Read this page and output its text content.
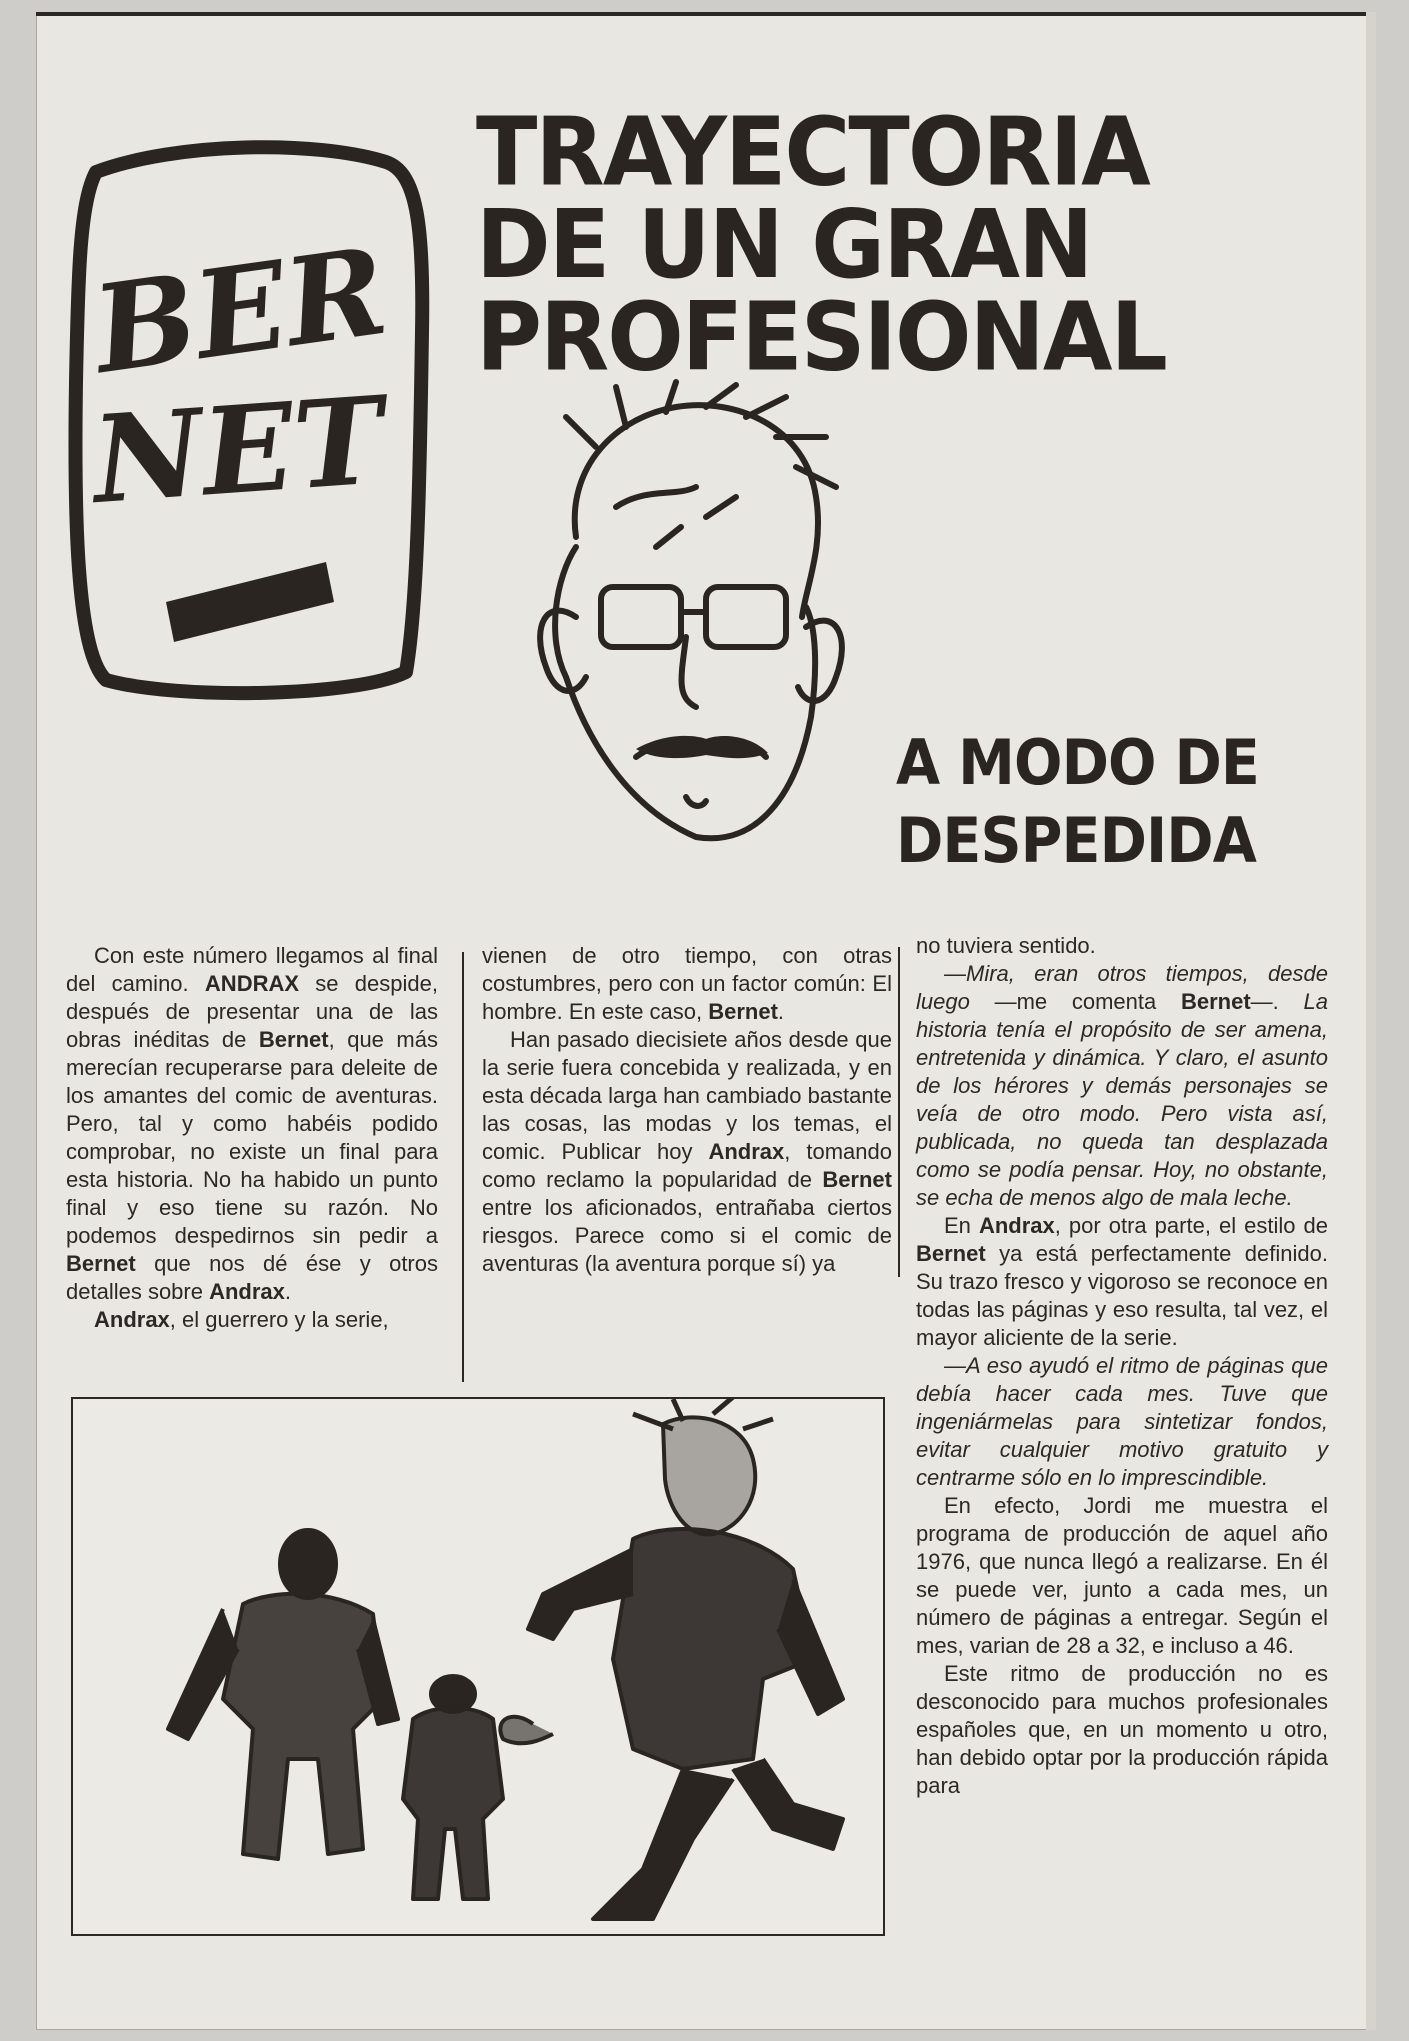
BER
NET
TRAYECTORIA
DE UN GRAN
PROFESIONAL
A MODO DE
DESPEDIDA

Con este número llegamos al final del camino. ANDRAX se despide, después de presentar una de las obras inéditas de Bernet, que más merecían recuperarse para deleite de los amantes del comic de aventuras. Pero, tal y como habéis podido comprobar, no existe un final para esta historia. No ha habido un punto final y eso tiene su razón. No podemos despedirnos sin pedir a Bernet que nos dé ése y otros detalles sobre Andrax.

Andrax, el guerrero y la serie,

vienen de otro tiempo, con otras costumbres, pero con un factor común: El hombre. En este caso, Bernet.

Han pasado diecisiete años desde que la serie fuera concebida y realizada, y en esta década larga han cambiado bastante las cosas, las modas y los temas, el comic. Publicar hoy Andrax, tomando como reclamo la popularidad de Bernet entre los aficionados, entrañaba ciertos riesgos. Parece como si el comic de aventuras (la aventura porque sí) ya

no tuviera sentido.

—Mira, eran otros tiempos, desde luego —me comenta Bernet—. La historia tenía el propósito de ser amena, entretenida y dinámica. Y claro, el asunto de los hérores y demás personajes se veía de otro modo. Pero vista así, publicada, no queda tan desplazada como se podía pensar. Hoy, no obstante, se echa de menos algo de mala leche.

En Andrax, por otra parte, el estilo de Bernet ya está perfectamente definido. Su trazo fresco y vigoroso se reconoce en todas las páginas y eso resulta, tal vez, el mayor aliciente de la serie.

—A eso ayudó el ritmo de páginas que debía hacer cada mes. Tuve que ingeniármelas para sintetizar fondos, evitar cualquier motivo gratuito y centrarme sólo en lo imprescindible.

En efecto, Jordi me muestra el programa de producción de aquel año 1976, que nunca llegó a realizarse. En él se puede ver, junto a cada mes, un número de páginas a entregar. Según el mes, varian de 28 a 32, e incluso a 46.

Este ritmo de producción no es desconocido para muchos profesionales españoles que, en un momento u otro, han debido optar por la producción rápida para
